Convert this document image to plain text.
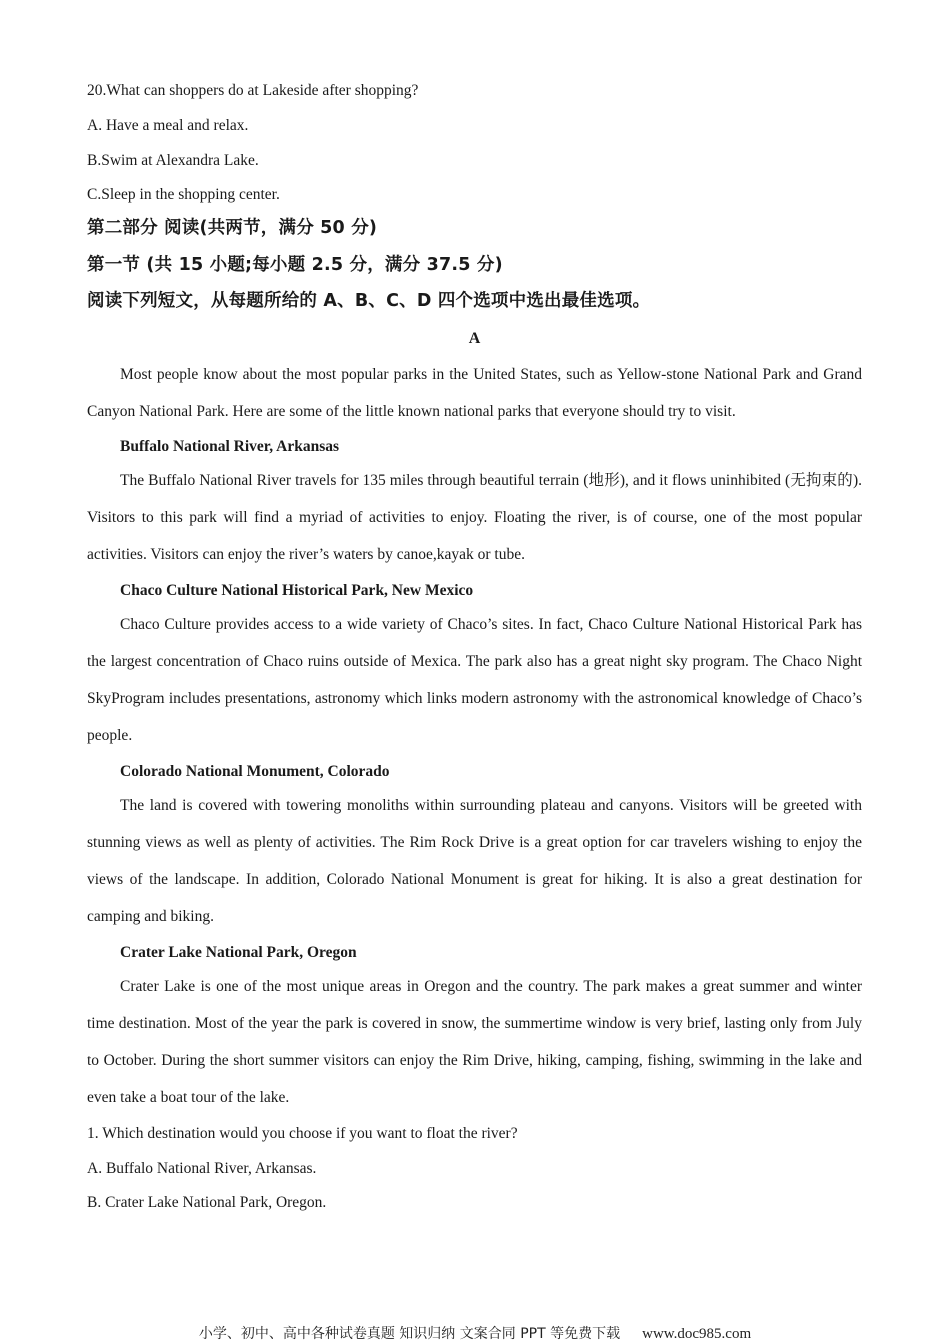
20.What can shoppers do at Lakeside after shopping?
A. Have a meal and relax.
B.Swim at Alexandra Lake.
C.Sleep in the shopping center.
第二部分 阅读(共两节，满分 50 分)
第一节 (共 15 小题;每小题 2.5 分，满分 37.5 分)
阅读下列短文，从每题所给的 A、B、C、D 四个选项中选出最佳选项。
A
Most people know about the most popular parks in the United States, such as Yellow-stone National Park and Grand Canyon National Park. Here are some of the little known national parks that everyone should try to visit.
Buffalo National River, Arkansas
The Buffalo National River travels for 135 miles through beautiful terrain (地形), and it flows uninhibited (无拘束的). Visitors to this park will find a myriad of activities to enjoy. Floating the river, is of course, one of the most popular activities. Visitors can enjoy the river’s waters by canoe,kayak or tube.
Chaco Culture National Historical Park, New Mexico
Chaco Culture provides access to a wide variety of Chaco’s sites. In fact, Chaco Culture National Historical Park has the largest concentration of Chaco ruins outside of Mexica. The park also has a great night sky program. The Chaco Night SkyProgram includes presentations, astronomy which links modern astronomy with the astronomical knowledge of Chaco’s people.
Colorado National Monument, Colorado
The land is covered with towering monoliths within surrounding plateau and canyons. Visitors will be greeted with stunning views as well as plenty of activities. The Rim Rock Drive is a great option for car travelers wishing to enjoy the views of the landscape. In addition, Colorado National Monument is great for hiking. It is also a great destination for camping and biking.
Crater Lake National Park, Oregon
Crater Lake is one of the most unique areas in Oregon and the country. The park makes a great summer and winter time destination. Most of the year the park is covered in snow, the summertime window is very brief, lasting only from July to October. During the short summer visitors can enjoy the Rim Drive, hiking, camping, fishing, swimming in the lake and even take a boat tour of the lake.
1. Which destination would you choose if you want to float the river?
A. Buffalo National River, Arkansas.
B. Crater Lake National Park, Oregon.
小学、初中、高中各种试卷真题 知识归纳 文案合同 PPT 等免费下载 www.doc985.com
